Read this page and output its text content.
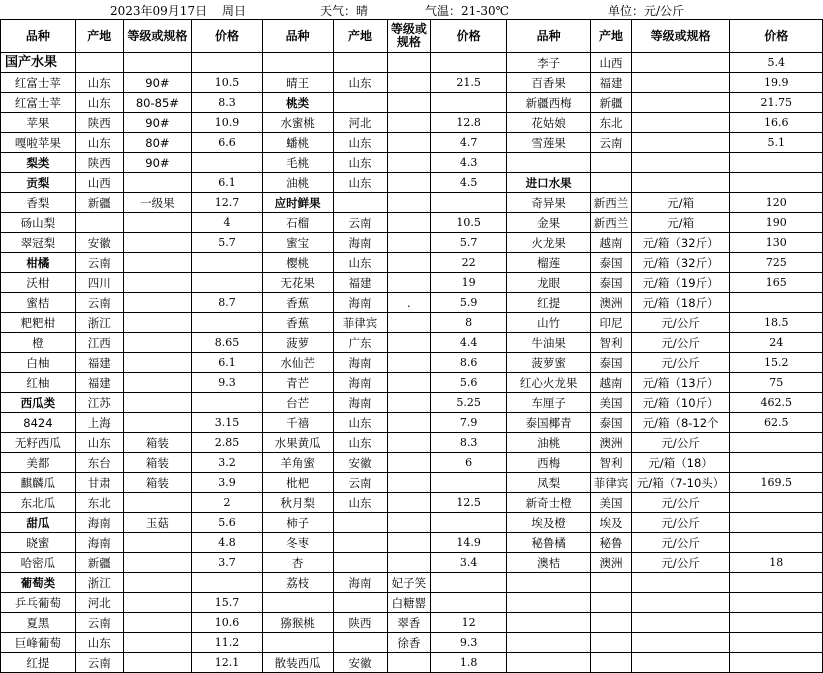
2023年09月17日 周日	天气：晴	气温：21-30℃	单位：元/公斤
品种	产地	等级或规格	价格	品种	产地	等级或规格	价格	品种	产地	等级或规格	价格
国产水果								李子	山西		5.4
红富士苹	山东	90#	10.5	晴王	山东		21.5	百香果	福建		19.9
红富士苹	山东	80-85#	8.3	桃类				新疆西梅	新疆		21.75
苹果	陕西	90#	10.9	水蜜桃	河北		12.8	花姑娘	东北		16.6
嘎啦苹果	山东	80#	6.6	蟠桃	山东		4.7	雪莲果	云南		5.1
梨类	陕西	90#		毛桃	山东		4.3				
贡梨	山西		6.1	油桃	山东		4.5	进口水果			
香梨	新疆	一级果	12.7	应时鲜果				奇异果	新西兰	元/箱	120
砀山梨			4	石榴	云南		10.5	金果	新西兰	元/箱	190
翠冠梨	安徽		5.7	蜜宝	海南		5.7	火龙果	越南	元/箱（32斤）	130
柑橘	云南			樱桃	山东		22	榴莲	泰国	元/箱（32斤）	725
沃柑	四川			无花果	福建		19	龙眼	泰国	元/箱（19斤）	165
蜜桔	云南		8.7	香蕉	海南	.	5.9	红提	澳洲	元/箱（18斤）	
粑粑柑	浙江			香蕉	菲律宾		8	山竹	印尼	元/公斤	18.5
橙	江西		8.65	菠萝	广东		4.4	牛油果	智利	元/公斤	24
白柚	福建		6.1	水仙芒	海南		8.6	菠萝蜜	泰国	元/公斤	15.2
红柚	福建		9.3	青芒	海南		5.6	红心火龙果	越南	元/箱（13斤）	75
西瓜类	江苏			台芒	海南		5.25	车厘子	美国	元/箱（10斤）	462.5
8424	上海		3.15	千禧	山东		7.9	泰国椰青	泰国	元/箱（8-12个	62.5
无籽西瓜	山东	箱装	2.85	水果黄瓜	山东		8.3	油桃	澳洲	元/公斤	
美都	东台	箱装	3.2	羊角蜜	安徽		6	西梅	智利	元/箱（18）	
麒麟瓜	甘肃	箱装	3.9	枇杷	云南			凤梨	菲律宾	元/箱（7-10头）	169.5
东北瓜	东北		2	秋月梨	山东		12.5	新奇士橙	美国	元/公斤	
甜瓜	海南	玉菇	5.6	柿子				埃及橙	埃及	元/公斤	
晓蜜	海南		4.8	冬枣			14.9	秘鲁橘	秘鲁	元/公斤	
哈密瓜	新疆		3.7	杏			3.4	澳桔	澳洲	元/公斤	18
葡萄类	浙江			荔枝	海南	妃子笑					
乒乓葡萄	河北		15.7			白糖罂					
夏黑	云南		10.6	猕猴桃	陕西	翠香	12				
巨峰葡萄	山东		11.2			徐香	9.3				
红提	云南		12.1	散装西瓜	安徽		1.8				
